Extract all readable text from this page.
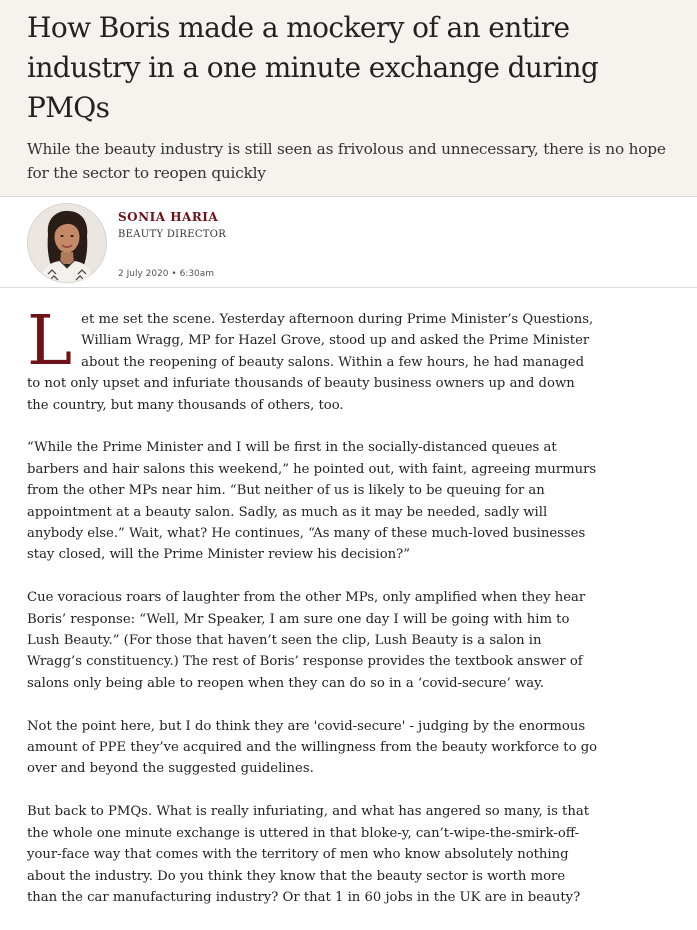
How Boris made a mockery of an entire industry in a one minute exchange during PMQs

While the beauty industry is still seen as frivolous and unnecessary, there is no hope for the sector to reopen quickly

SONIA HARIA
BEAUTY DIRECTOR
2 July 2020 • 6:30am

Let me set the scene. Yesterday afternoon during Prime Minister’s Questions, William Wragg, MP for Hazel Grove, stood up and asked the Prime Minister about the reopening of beauty salons. Within a few hours, he had managed to not only upset and infuriate thousands of beauty business owners up and down the country, but many thousands of others, too.

“While the Prime Minister and I will be first in the socially-distanced queues at barbers and hair salons this weekend,” he pointed out, with faint, agreeing murmurs from the other MPs near him. “But neither of us is likely to be queuing for an appointment at a beauty salon. Sadly, as much as it may be needed, sadly will anybody else.” Wait, what? He continues, “As many of these much-loved businesses stay closed, will the Prime Minister review his decision?”

Cue voracious roars of laughter from the other MPs, only amplified when they hear Boris’ response: “Well, Mr Speaker, I am sure one day I will be going with him to Lush Beauty.” (For those that haven’t seen the clip, Lush Beauty is a salon in Wragg’s constituency.) The rest of Boris’ response provides the textbook answer of salons only being able to reopen when they can do so in a ‘covid-secure’ way.

Not the point here, but I do think they are 'covid-secure' - judging by the enormous amount of PPE they’ve acquired and the willingness from the beauty workforce to go over and beyond the suggested guidelines.

But back to PMQs. What is really infuriating, and what has angered so many, is that the whole one minute exchange is uttered in that bloke-y, can’t-wipe-the-smirk-off-your-face way that comes with the territory of men who know absolutely nothing about the industry. Do you think they know that the beauty sector is worth more than the car manufacturing industry? Or that 1 in 60 jobs in the UK are in beauty?
